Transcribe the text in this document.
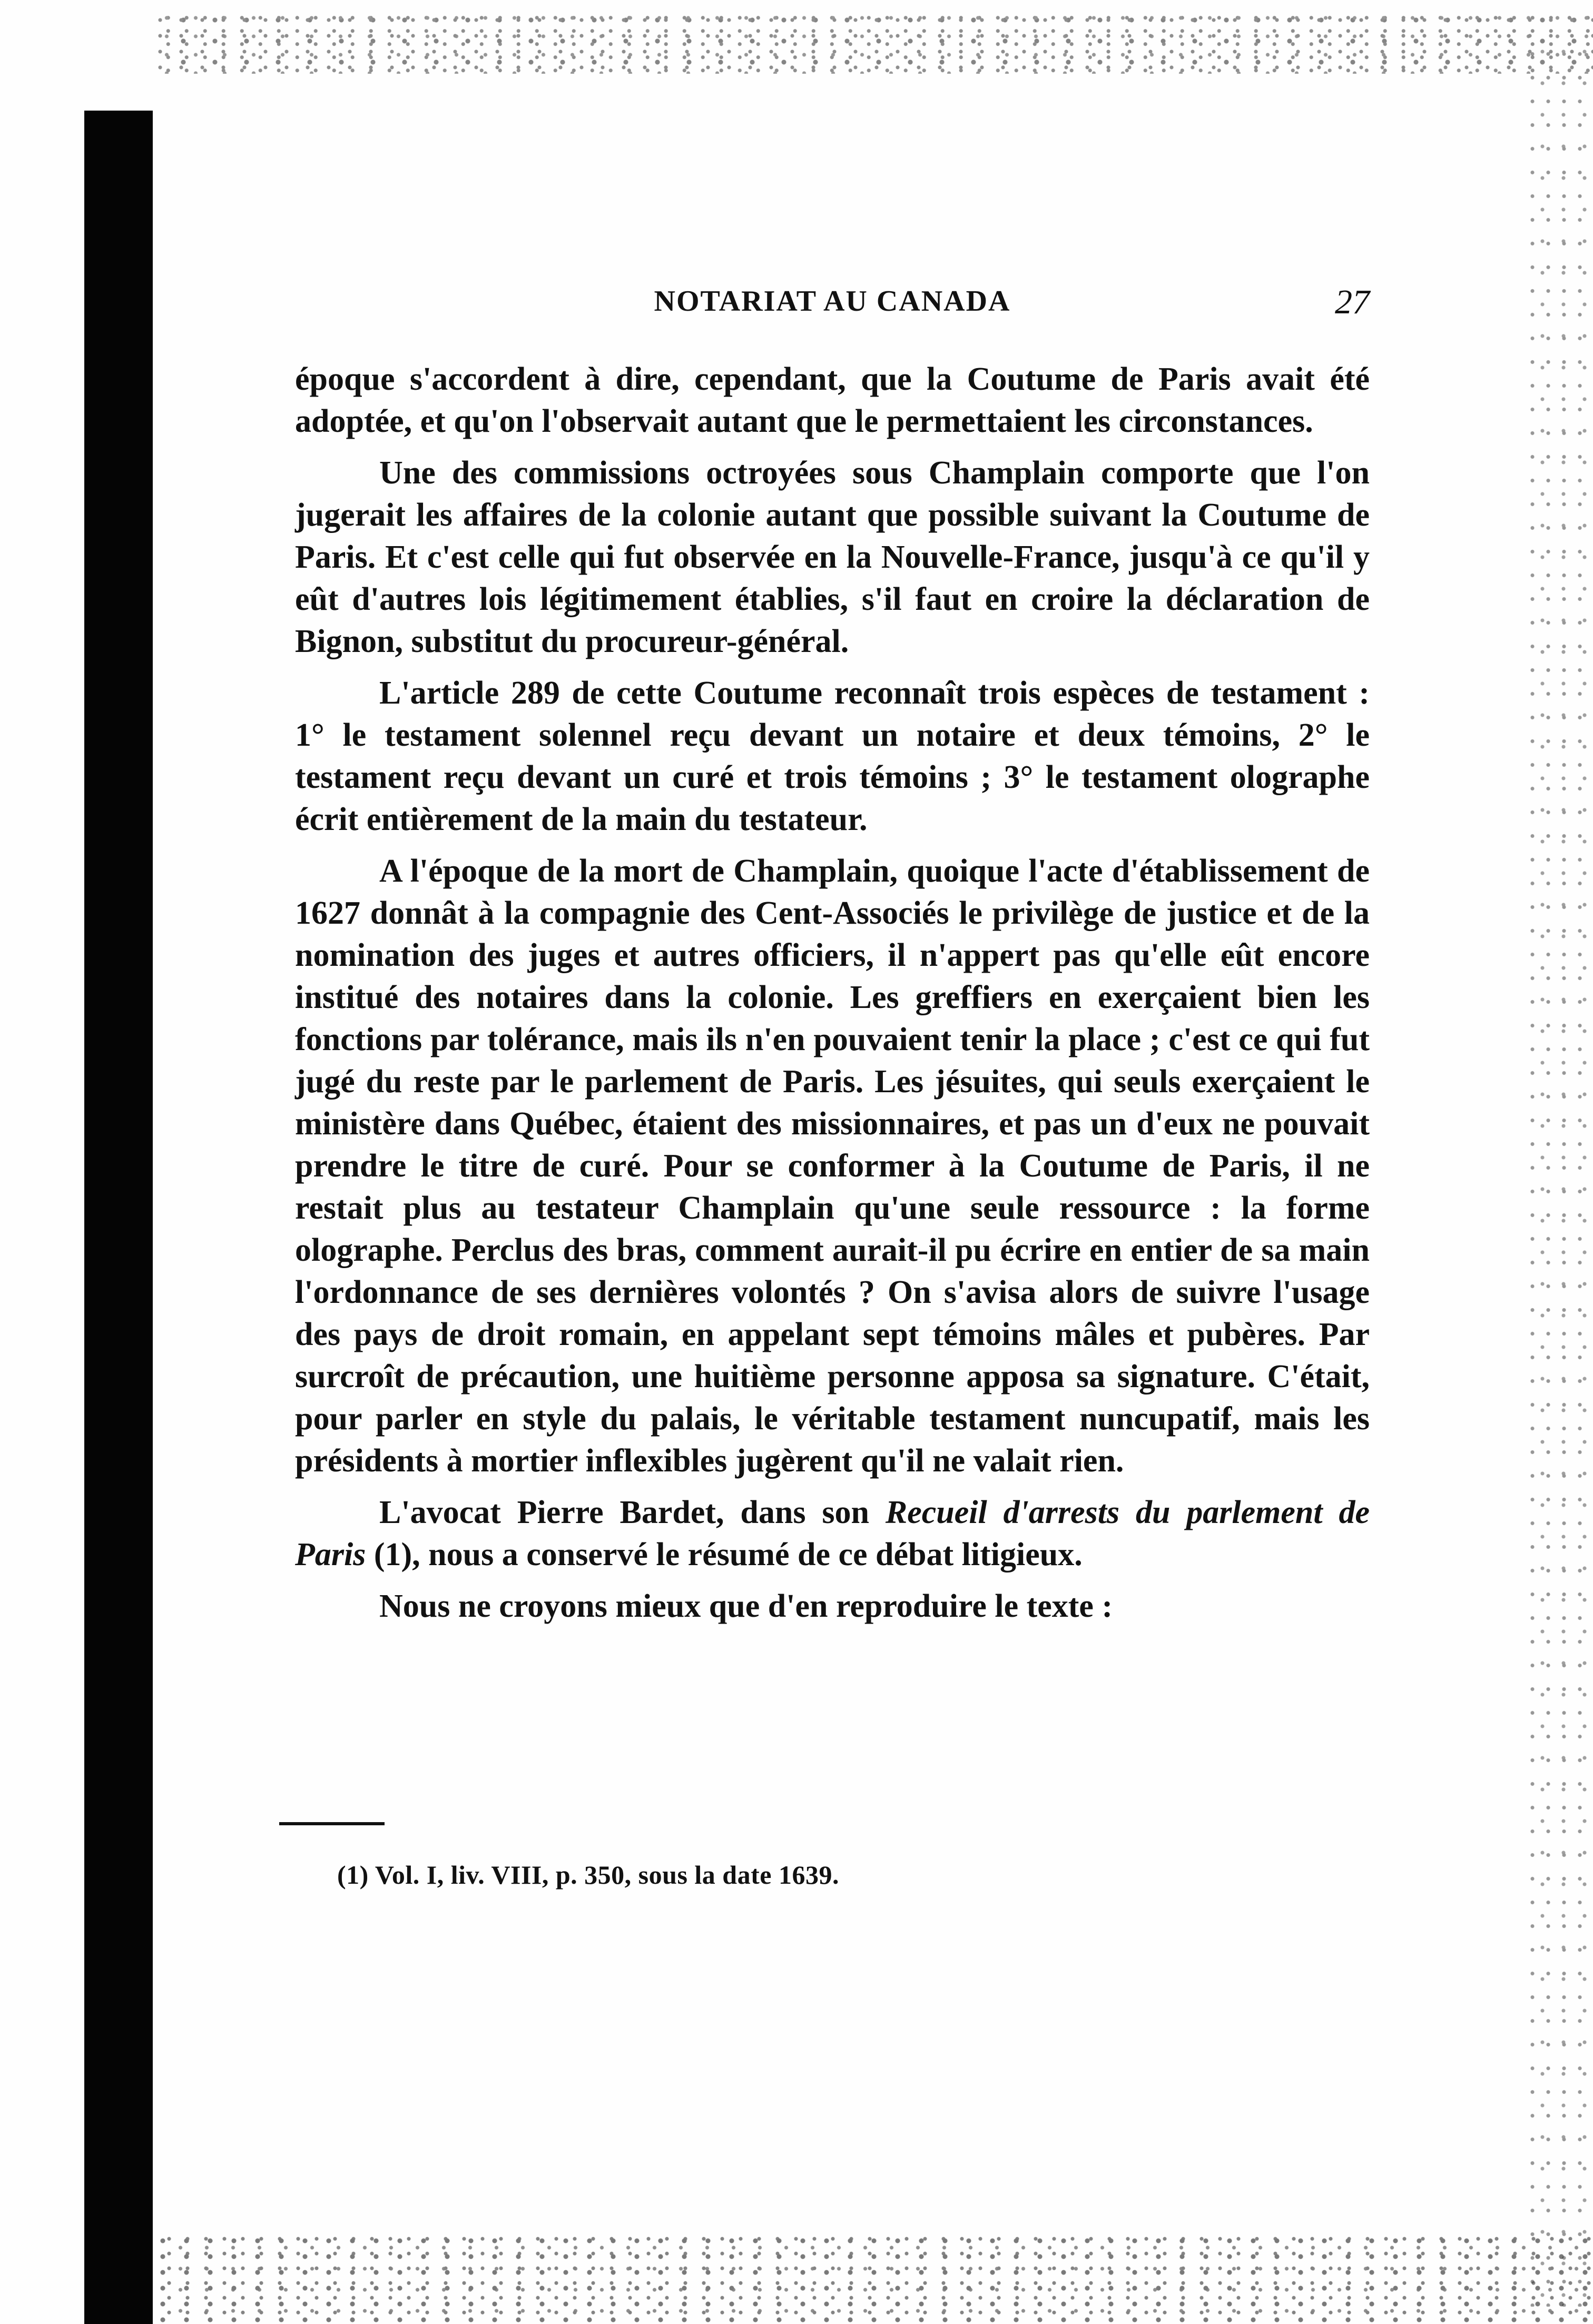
NOTARIAT AU CANADA	27

époque s'accordent à dire, cependant, que la Coutume de Paris avait été adoptée, et qu'on l'observait autant que le permettaient les circonstances.

Une des commissions octroyées sous Champlain comporte que l'on jugerait les affaires de la colonie autant que possible suivant la Coutume de Paris. Et c'est celle qui fut observée en la Nouvelle-France, jusqu'à ce qu'il y eût d'autres lois légitimement établies, s'il faut en croire la déclaration de Bignon, substitut du procureur-général.

L'article 289 de cette Coutume reconnaît trois espèces de testament : 1° le testament solennel reçu devant un notaire et deux témoins, 2° le testament reçu devant un curé et trois témoins ; 3° le testament olographe écrit entièrement de la main du testateur.

A l'époque de la mort de Champlain, quoique l'acte d'établissement de 1627 donnât à la compagnie des Cent-Associés le privilège de justice et de la nomination des juges et autres officiers, il n'appert pas qu'elle eût encore institué des notaires dans la colonie. Les greffiers en exerçaient bien les fonctions par tolérance, mais ils n'en pouvaient tenir la place ; c'est ce qui fut jugé du reste par le parlement de Paris. Les jésuites, qui seuls exerçaient le ministère dans Québec, étaient des missionnaires, et pas un d'eux ne pouvait prendre le titre de curé. Pour se conformer à la Coutume de Paris, il ne restait plus au testateur Champlain qu'une seule ressource : la forme olographe. Perclus des bras, comment aurait-il pu écrire en entier de sa main l'ordonnance de ses dernières volontés ? On s'avisa alors de suivre l'usage des pays de droit romain, en appelant sept témoins mâles et pubères. Par surcroît de précaution, une huitième personne apposa sa signature. C'était, pour parler en style du palais, le véritable testament nuncupatif, mais les présidents à mortier inflexibles jugèrent qu'il ne valait rien.

L'avocat Pierre Bardet, dans son Recueil d'arrests du parlement de Paris (1), nous a conservé le résumé de ce débat litigieux.

Nous ne croyons mieux que d'en reproduire le texte :

(1) Vol. I, liv. VIII, p. 350, sous la date 1639.
